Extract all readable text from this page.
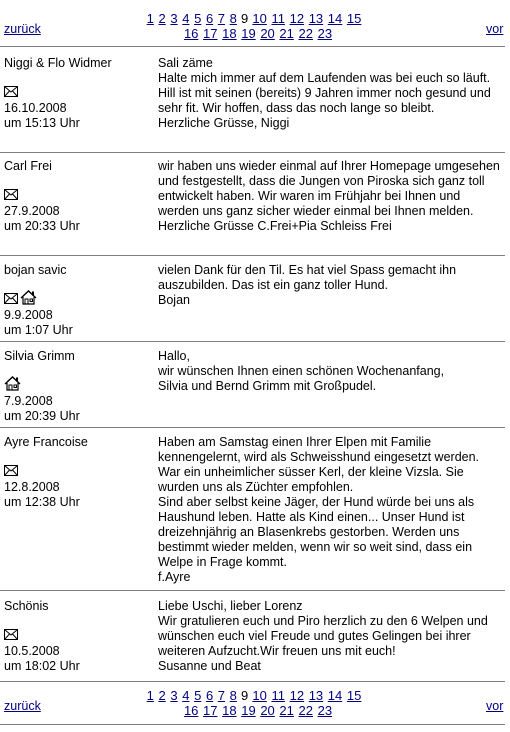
zurück
1 2 3 4 5 6 7 8 9 10 11 12 13 14 15
16 17 18 19 20 21 22 23	vor
Niggi & Flo Widmer
16.10.2008
um 15:13 Uhr
Sali zäme
Halte mich immer auf dem Laufenden was bei euch so läuft.
Hill ist mit seinen (bereits) 9 Jahren immer noch gesund und sehr fit. Wir hoffen, dass das noch lange so bleibt.
Herzliche Grüsse, Niggi
Carl Frei
27.9.2008
um 20:33 Uhr
wir haben uns wieder einmal auf Ihrer Homepage umgesehen und festgestellt, dass die Jungen von Piroska sich ganz toll entwickelt haben. Wir waren im Frühjahr bei Ihnen und werden uns ganz sicher wieder einmal bei Ihnen melden.
Herzliche Grüsse C.Frei+Pia Schleiss Frei
bojan savic
9.9.2008
um 1:07 Uhr
vielen Dank für den Til. Es hat viel Spass gemacht ihn auszubilden. Das ist ein ganz toller Hund.
Bojan
Silvia Grimm
7.9.2008
um 20:39 Uhr
Hallo,
wir wünschen Ihnen einen schönen Wochenanfang,
Silvia und Bernd Grimm mit Großpudel.
Ayre Francoise
12.8.2008
um 12:38 Uhr
Haben am Samstag einen Ihrer Elpen mit Familie kennengelernt, wird als Schweisshund eingesetzt werden. War ein unheimlicher süsser Kerl, der kleine Vizsla. Sie wurden uns als Züchter empfohlen.
Sind aber selbst keine Jäger, der Hund würde bei uns als Haushund leben. Hatte als Kind einen... Unser Hund ist dreizehnjährig an Blasenkrebs gestorben. Werden uns bestimmt wieder melden, wenn wir so weit sind, dass ein Welpe in Frage kommt.
f.Ayre
Schönis
10.5.2008
um 18:02 Uhr
Liebe Uschi, lieber Lorenz
Wir gratulieren euch und Piro herzlich zu den 6 Welpen und wünschen euch viel Freude und gutes Gelingen bei ihrer weiteren Aufzucht.Wir freuen uns mit euch!
Susanne und Beat
zurück
1 2 3 4 5 6 7 8 9 10 11 12 13 14 15
16 17 18 19 20 21 22 23	vor
